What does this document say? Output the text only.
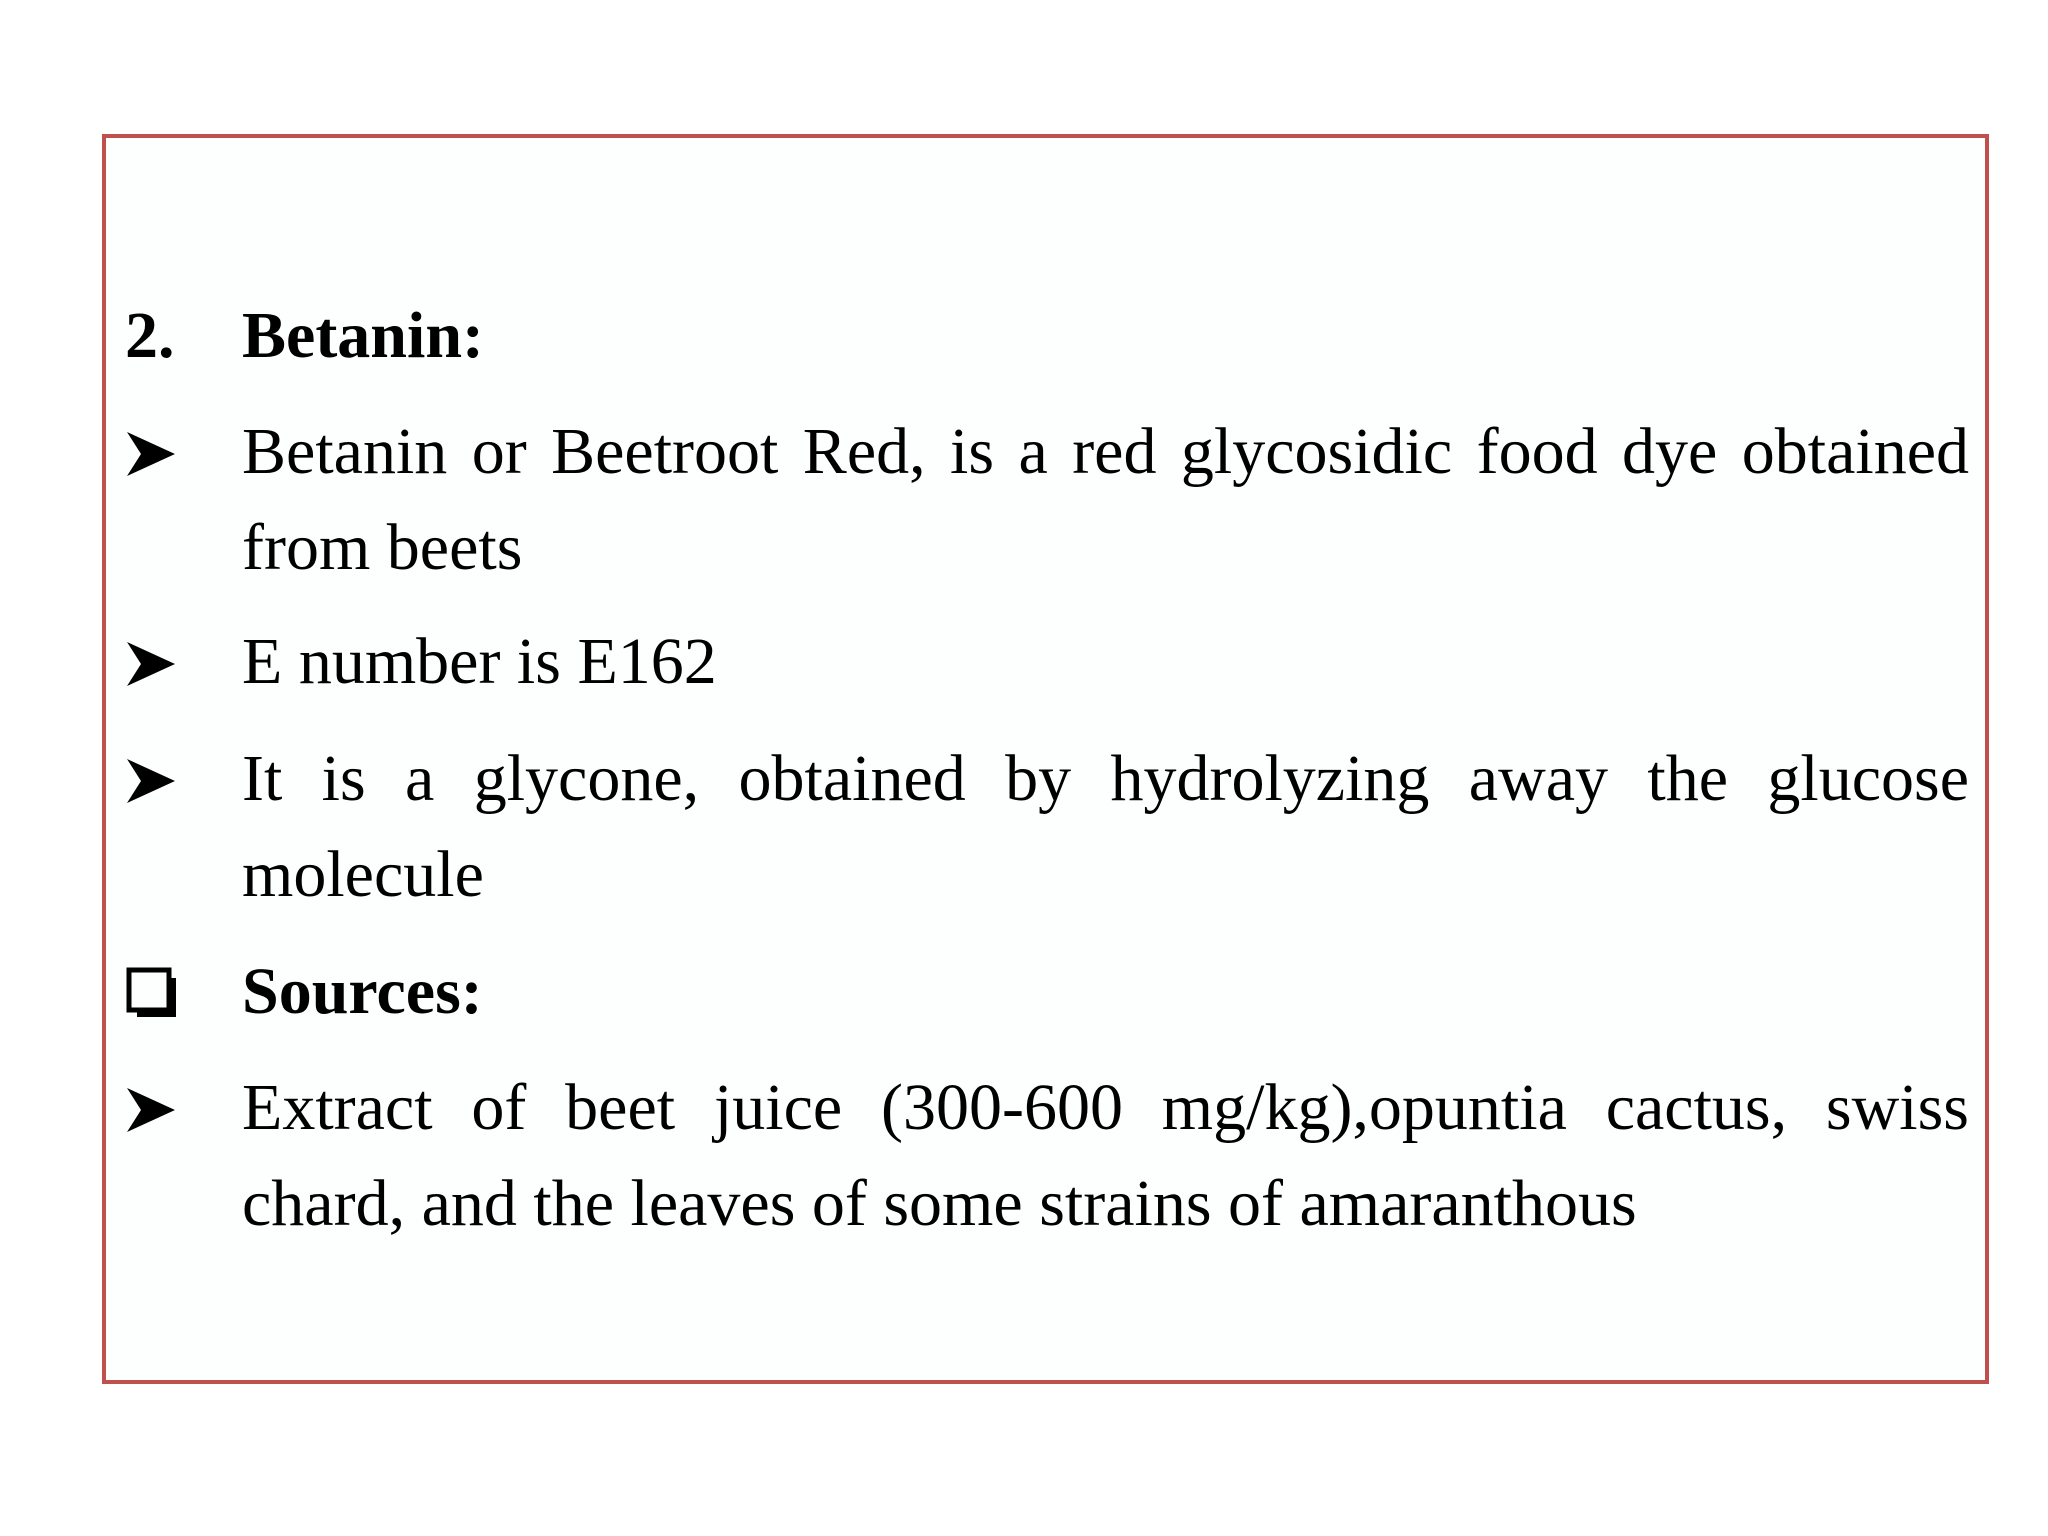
2.	Betanin:
Betanin or Beetroot Red, is a red glycosidic food dye obtained from beets
E number is E162
It is a glycone, obtained by hydrolyzing away the glucose molecule
Sources:
Extract of beet juice (300-600 mg/kg),opuntia cactus, swiss chard, and the leaves of some strains of amaranthous
